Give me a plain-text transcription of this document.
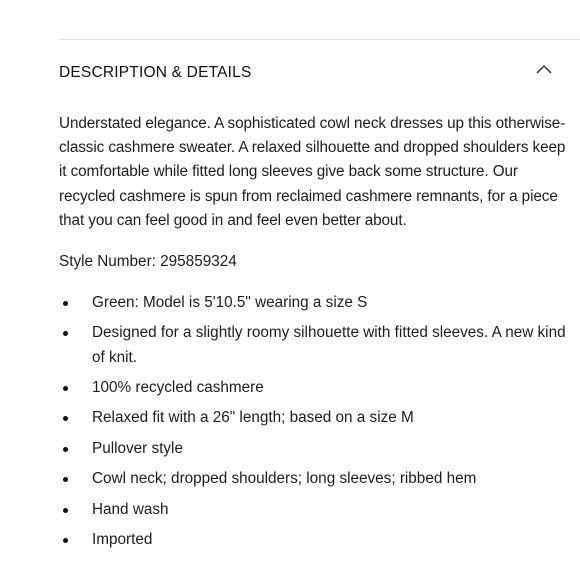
DESCRIPTION & DETAILS

Understated elegance. A sophisticated cowl neck dresses up this otherwise-classic cashmere sweater. A relaxed silhouette and dropped shoulders keep it comfortable while fitted long sleeves give back some structure. Our recycled cashmere is spun from reclaimed cashmere remnants, for a piece that you can feel good in and feel even better about.

Style Number: 295859324

Green: Model is 5'10.5" wearing a size S
Designed for a slightly roomy silhouette with fitted sleeves. A new kind of knit.
100% recycled cashmere
Relaxed fit with a 26" length; based on a size M
Pullover style
Cowl neck; dropped shoulders; long sleeves; ribbed hem
Hand wash
Imported
